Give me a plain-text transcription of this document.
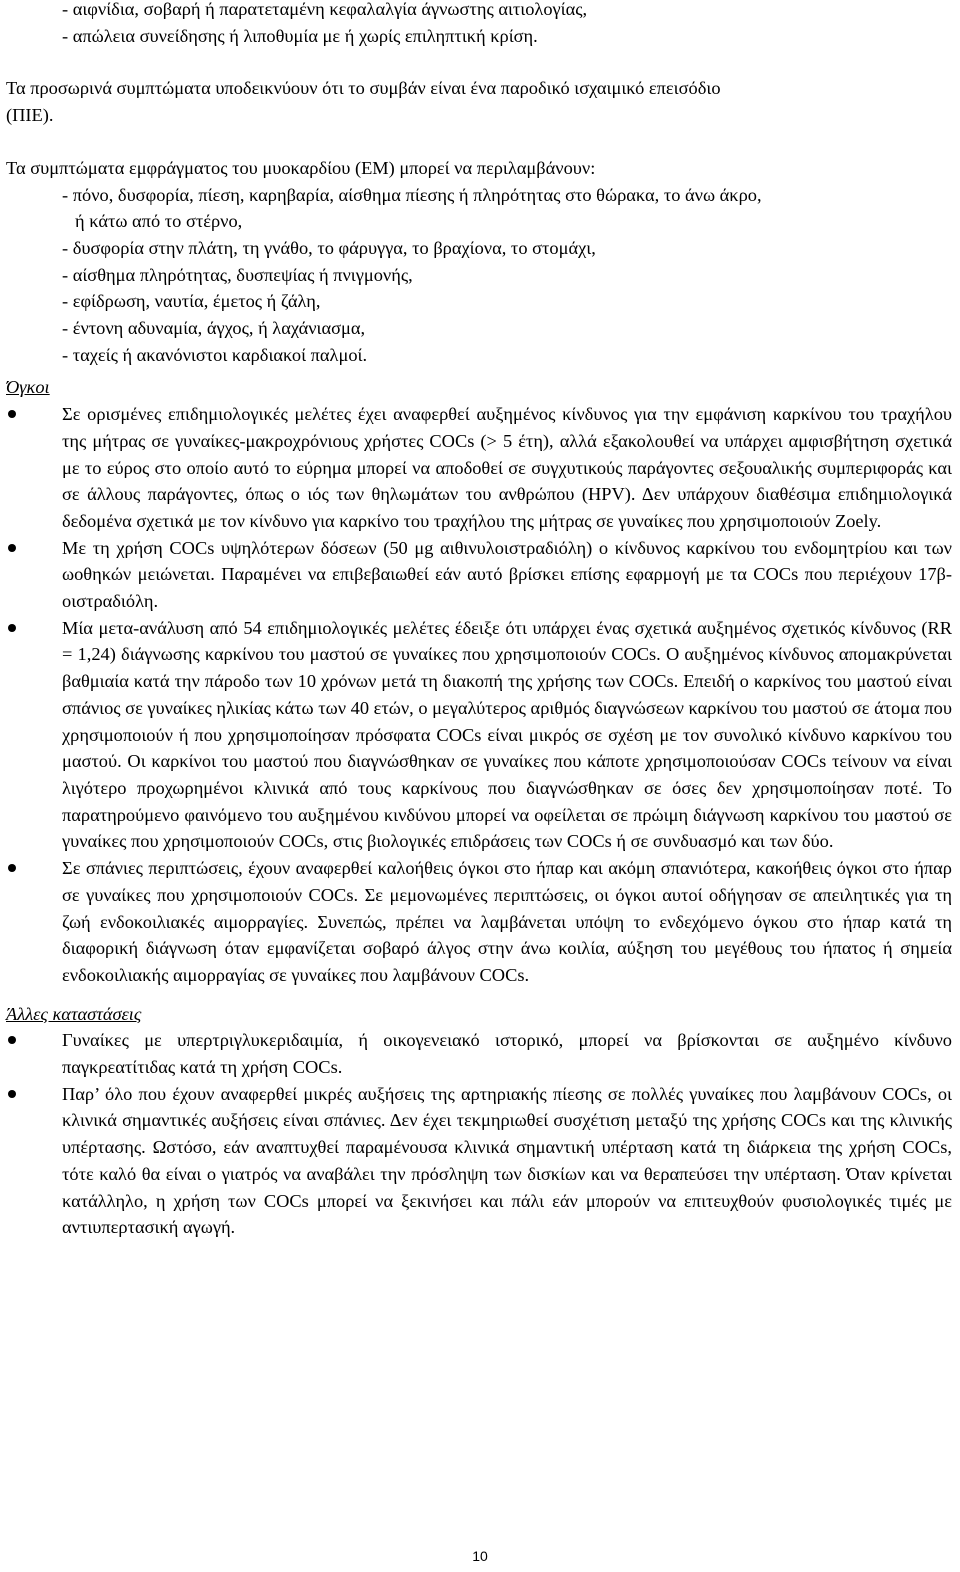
- αιφνίδια, σοβαρή ή παρατεταμένη κεφαλαλγία άγνωστης αιτιολογίας,
- απώλεια συνείδησης ή λιποθυμία με ή χωρίς επιληπτική κρίση.
Τα προσωρινά συμπτώματα υποδεικνύουν ότι το συμβάν είναι ένα παροδικό ισχαιμικό επεισόδιο
(ΠΙΕ).
Τα συμπτώματα εμφράγματος του μυοκαρδίου (ΕΜ) μπορεί να περιλαμβάνουν:
- πόνο, δυσφορία, πίεση, καρηβαρία, αίσθημα πίεσης ή πληρότητας στο θώρακα, το άνω άκρο,
ή κάτω από το στέρνο,
- δυσφορία στην πλάτη, τη γνάθο, το φάρυγγα, το βραχίονα, το στομάχι,
- αίσθημα πληρότητας, δυσπεψίας ή πνιγμονής,
- εφίδρωση, ναυτία, έμετος ή ζάλη,
- έντονη αδυναμία, άγχος, ή λαχάνιασμα,
- ταχείς ή ακανόνιστοι καρδιακοί παλμοί.
Όγκοι

Σε ορισμένες επιδημιολογικές μελέτες έχει αναφερθεί αυξημένος κίνδυνος για την εμφάνιση καρκίνου του τραχήλου της μήτρας σε γυναίκες-μακροχρόνιους χρήστες COCs (> 5 έτη), αλλά εξακολουθεί να υπάρχει αμφισβήτηση σχετικά με το εύρος στο οποίο αυτό το εύρημα μπορεί να αποδοθεί σε συγχυτικούς παράγοντες σεξουαλικής συμπεριφοράς και σε άλλους παράγοντες, όπως ο ιός των θηλωμάτων του ανθρώπου (HPV). Δεν υπάρχουν διαθέσιμα επιδημιολογικά δεδομένα σχετικά με τον κίνδυνο για καρκίνο του τραχήλου της μήτρας σε γυναίκες που χρησιμοποιούν Zoely.

Με τη χρήση COCs υψηλότερων δόσεων (50 μg αιθινυλοιστραδιόλη) ο κίνδυνος καρκίνου του ενδομητρίου και των ωοθηκών μειώνεται. Παραμένει να επιβεβαιωθεί εάν αυτό βρίσκει επίσης εφαρμογή με τα COCs που περιέχουν 17β-οιστραδιόλη.

Μία μετα-ανάλυση από 54 επιδημιολογικές μελέτες έδειξε ότι υπάρχει ένας σχετικά αυξημένος σχετικός κίνδυνος (RR = 1,24) διάγνωσης καρκίνου του μαστού σε γυναίκες που χρησιμοποιούν COCs. Ο αυξημένος κίνδυνος απομακρύνεται βαθμιαία κατά την πάροδο των 10 χρόνων μετά τη διακοπή της χρήσης των COCs. Επειδή ο καρκίνος του μαστού είναι σπάνιος σε γυναίκες ηλικίας κάτω των 40 ετών, ο μεγαλύτερος αριθμός διαγνώσεων καρκίνου του μαστού σε άτομα που χρησιμοποιούν ή που χρησιμοποίησαν πρόσφατα COCs είναι μικρός σε σχέση με τον συνολικό κίνδυνο καρκίνου του μαστού. Οι καρκίνοι του μαστού που διαγνώσθηκαν σε γυναίκες που κάποτε χρησιμοποιούσαν COCs τείνουν να είναι λιγότερο προχωρημένοι κλινικά από τους καρκίνους που διαγνώσθηκαν σε όσες δεν χρησιμοποίησαν ποτέ. Το παρατηρούμενο φαινόμενο του αυξημένου κινδύνου μπορεί να οφείλεται σε πρώιμη διάγνωση καρκίνου του μαστού σε γυναίκες που χρησιμοποιούν COCs, στις βιολογικές επιδράσεις των COCs ή σε συνδυασμό και των δύο.

Σε σπάνιες περιπτώσεις, έχουν αναφερθεί καλοήθεις όγκοι στο ήπαρ και ακόμη σπανιότερα, κακοήθεις όγκοι στο ήπαρ σε γυναίκες που χρησιμοποιούν COCs. Σε μεμονωμένες περιπτώσεις, οι όγκοι αυτοί οδήγησαν σε απειλητικές για τη ζωή ενδοκοιλιακές αιμορραγίες. Συνεπώς, πρέπει να λαμβάνεται υπόψη το ενδεχόμενο όγκου στο ήπαρ κατά τη διαφορική διάγνωση όταν εμφανίζεται σοβαρό άλγος στην άνω κοιλία, αύξηση του μεγέθους του ήπατος ή σημεία ενδοκοιλιακής αιμορραγίας σε γυναίκες που λαμβάνουν COCs.

Άλλες καταστάσεις

Γυναίκες με υπερτριγλυκεριδαιμία, ή οικογενειακό ιστορικό, μπορεί να βρίσκονται σε αυξημένο κίνδυνο παγκρεατίτιδας κατά τη χρήση COCs.

Παρ’ όλο που έχουν αναφερθεί μικρές αυξήσεις της αρτηριακής πίεσης σε πολλές γυναίκες που λαμβάνουν COCs, οι κλινικά σημαντικές αυξήσεις είναι σπάνιες. Δεν έχει τεκμηριωθεί συσχέτιση μεταξύ της χρήσης COCs και της κλινικής υπέρτασης. Ωστόσο, εάν αναπτυχθεί παραμένουσα κλινικά σημαντική υπέρταση κατά τη διάρκεια της χρήση COCs, τότε καλό θα είναι ο γιατρός να αναβάλει την πρόσληψη των δισκίων και να θεραπεύσει την υπέρταση. Όταν κρίνεται κατάλληλο, η χρήση των COCs μπορεί να ξεκινήσει και πάλι εάν μπορούν να επιτευχθούν φυσιολογικές τιμές με αντιυπερτασική αγωγή.

10
